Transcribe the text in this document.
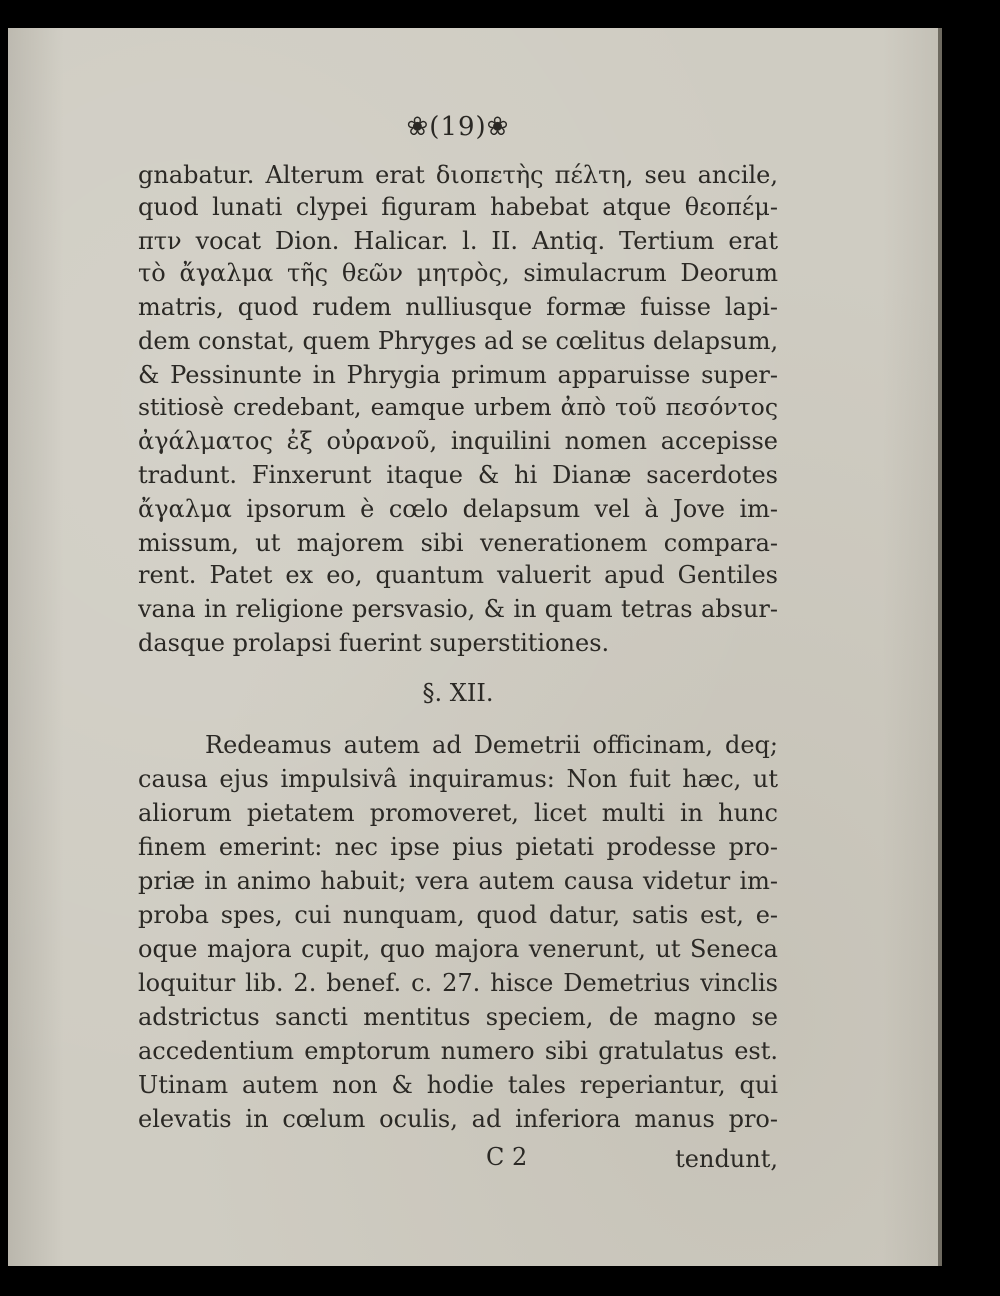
❀(19)❀
gnabatur. Alterum erat διοπετὴς πέλτη, seu ancile,
quod lunati clypei figuram habebat atque θεοπέμ-
πτν vocat Dion. Halicar. l. II. Antiq. Tertium erat
τὸ ἄγαλμα τῆς θεῶν μητρὸς, simulacrum Deorum
matris, quod rudem nulliusque formæ fuisse lapi-
dem constat, quem Phryges ad se cœlitus delapsum,
& Pessinunte in Phrygia primum apparuisse super-
stitiosè credebant, eamque urbem ἀπὸ τοῦ πεσόντος
ἀγάλματος ἐξ οὐρανοῦ, inquilini nomen accepisse
tradunt. Finxerunt itaque & hi Dianæ sacerdotes
ἄγαλμα ipsorum è cœlo delapsum vel à Jove im-
missum, ut majorem sibi venerationem compara-
rent. Patet ex eo, quantum valuerit apud Gentiles
vana in religione persvasio, & in quam tetras absur-
dasque prolapsi fuerint superstitiones.
§. XII.
Redeamus autem ad Demetrii officinam, deq;
causa ejus impulsivâ inquiramus: Non fuit hæc, ut
aliorum pietatem promoveret, licet multi in hunc
finem emerint: nec ipse pius pietati prodesse pro-
priæ in animo habuit; vera autem causa videtur im-
proba spes, cui nunquam, quod datur, satis est, e-
oque majora cupit, quo majora venerunt, ut Seneca
loquitur lib. 2. benef. c. 27. hisce Demetrius vinclis
adstrictus sancti mentitus speciem, de magno se
accedentium emptorum numero sibi gratulatus est.
Utinam autem non & hodie tales reperiantur, qui
elevatis in cœlum oculis, ad inferiora manus pro-
C 2	tendunt,
